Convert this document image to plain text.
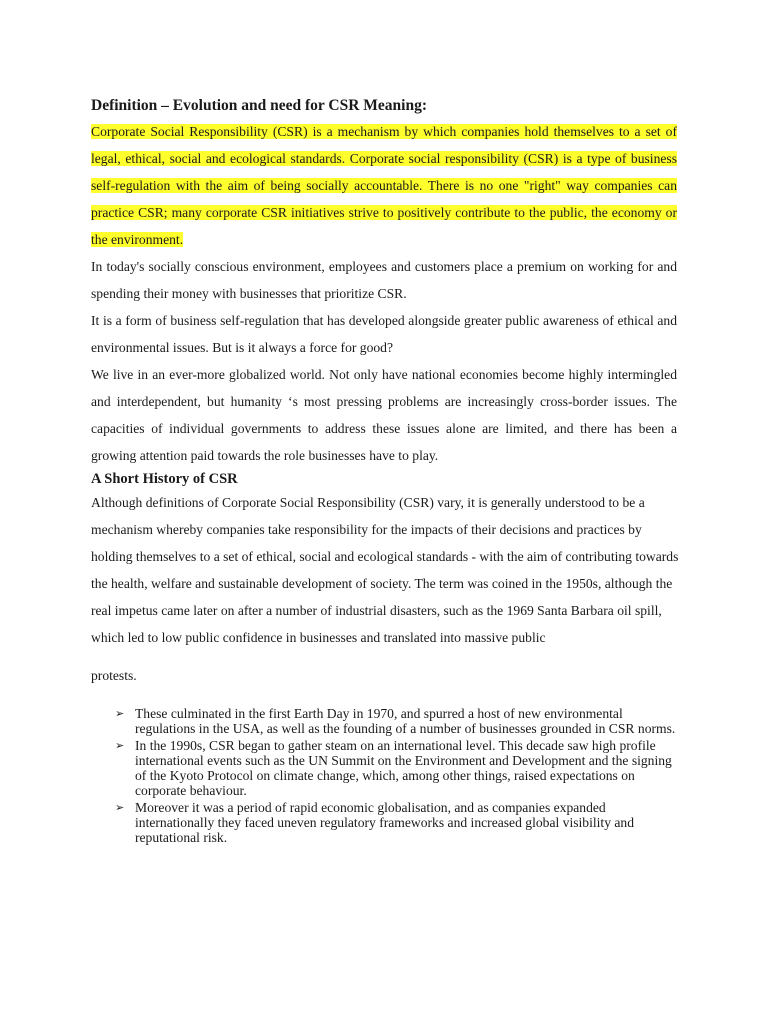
Definition – Evolution and need for CSR Meaning:

Corporate Social Responsibility (CSR) is a mechanism by which companies hold themselves to a set of legal, ethical, social and ecological standards. Corporate social responsibility (CSR) is a type of business self-regulation with the aim of being socially accountable. There is no one "right" way companies can practice CSR; many corporate CSR initiatives strive to positively contribute to the public, the economy or the environment.

In today's socially conscious environment, employees and customers place a premium on working for and spending their money with businesses that prioritize CSR.

It is a form of business self-regulation that has developed alongside greater public awareness of ethical and environmental issues. But is it always a force for good?

We live in an ever-more globalized world. Not only have national economies become highly intermingled and interdependent, but humanity ‘s most pressing problems are increasingly cross-border issues. The capacities of individual governments to address these issues alone are limited, and there has been a growing attention paid towards the role businesses have to play.

A Short History of CSR

Although definitions of Corporate Social Responsibility (CSR) vary, it is generally understood to be a mechanism whereby companies take responsibility for the impacts of their decisions and practices by holding themselves to a set of ethical, social and ecological standards - with the aim of contributing towards the health, welfare and sustainable development of society. The term was coined in the 1950s, although the real impetus came later on after a number of industrial disasters, such as the 1969 Santa Barbara oil spill, which led to low public confidence in businesses and translated into massive public

protests.

➢ These culminated in the first Earth Day in 1970, and spurred a host of new environmental regulations in the USA, as well as the founding of a number of businesses grounded in CSR norms.
➢ In the 1990s, CSR began to gather steam on an international level. This decade saw high profile international events such as the UN Summit on the Environment and Development and the signing of the Kyoto Protocol on climate change, which, among other things, raised expectations on corporate behaviour.
➢ Moreover it was a period of rapid economic globalisation, and as companies expanded internationally they faced uneven regulatory frameworks and increased global visibility and reputational risk.
